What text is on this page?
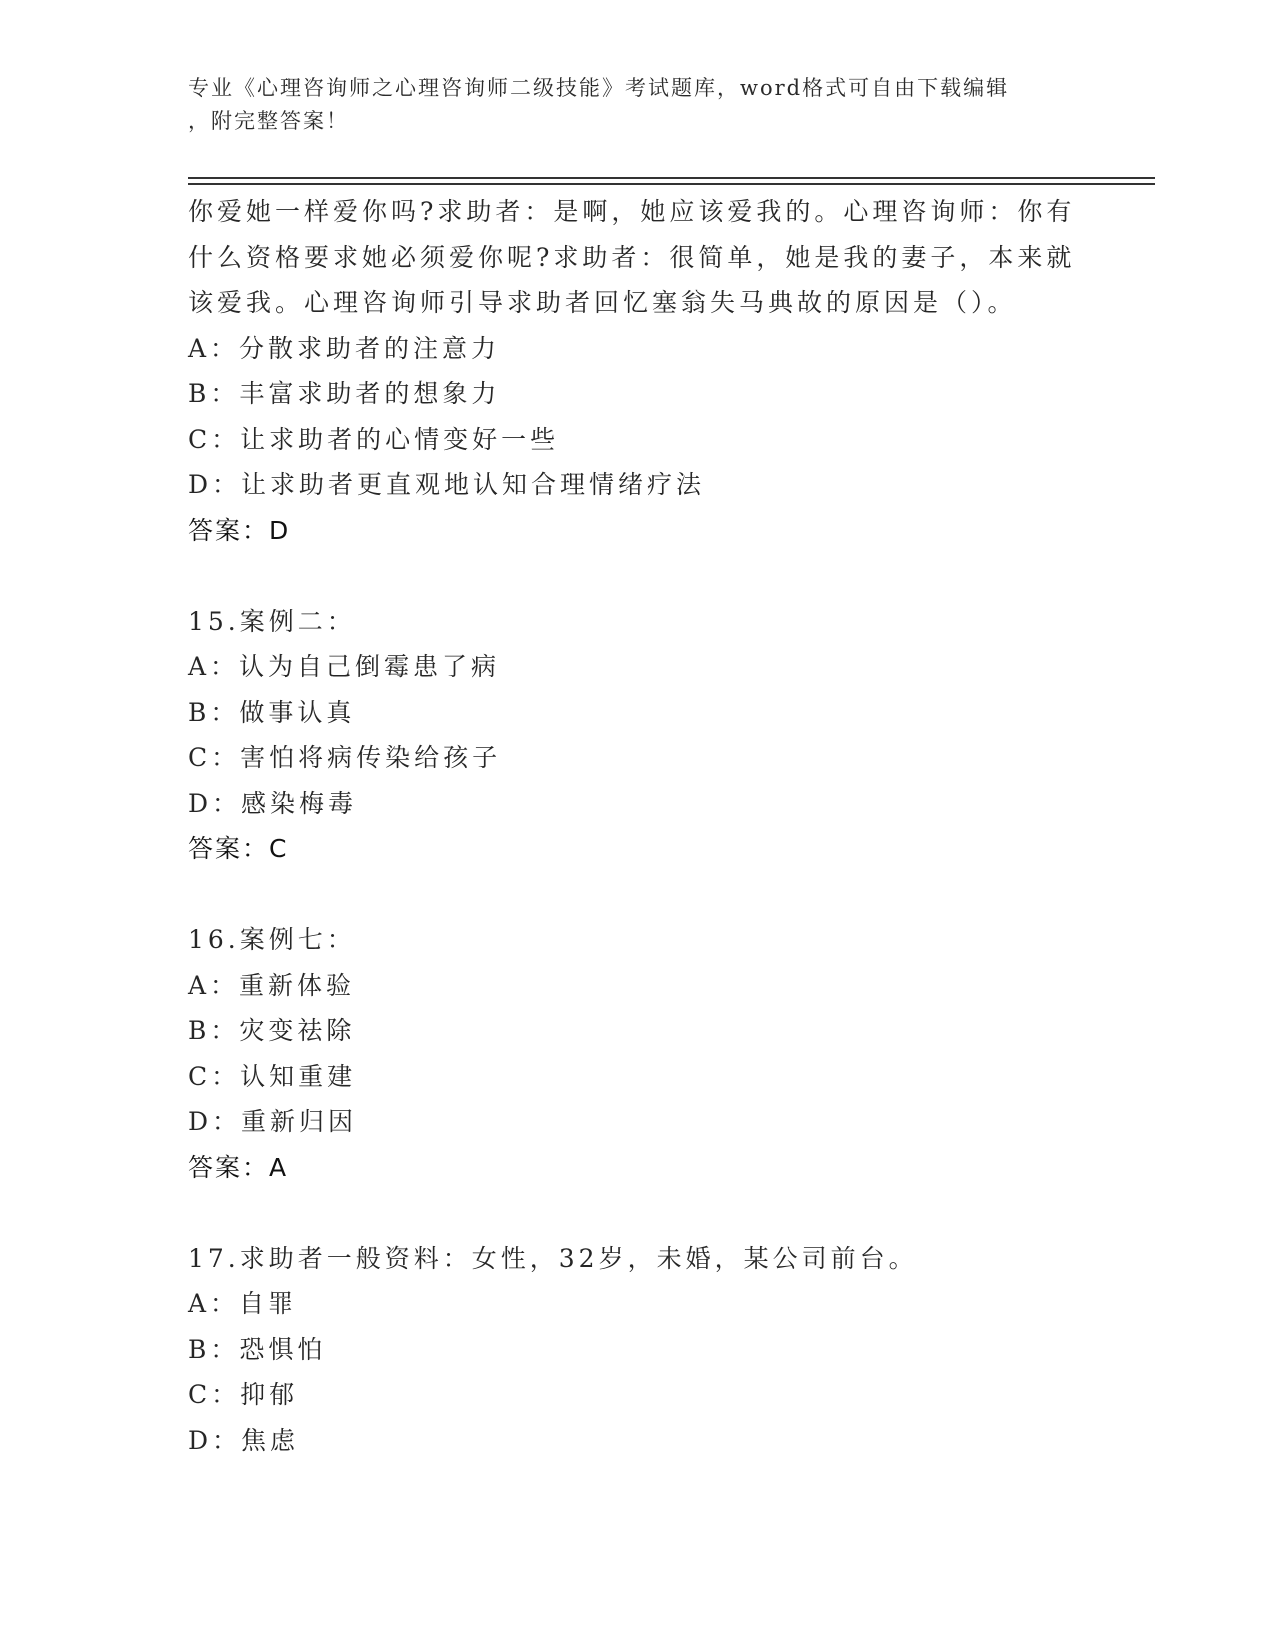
专业《心理咨询师之心理咨询师二级技能》考试题库，word格式可自由下载编辑
，附完整答案！
你爱她一样爱你吗?求助者：是啊，她应该爱我的。心理咨询师：你有
什么资格要求她必须爱你呢?求助者：很简单，她是我的妻子，本来就
该爱我。心理咨询师引导求助者回忆塞翁失马典故的原因是（）。
A：分散求助者的注意力
B：丰富求助者的想象力
C：让求助者的心情变好一些
D：让求助者更直观地认知合理情绪疗法
答案：D
15.案例二：
A：认为自己倒霉患了病
B：做事认真
C：害怕将病传染给孩子
D：感染梅毒
答案：C
16.案例七：
A：重新体验
B：灾变祛除
C：认知重建
D：重新归因
答案：A
17.求助者一般资料：女性，32岁，未婚，某公司前台。
A：自罪
B：恐惧怕
C：抑郁
D：焦虑
